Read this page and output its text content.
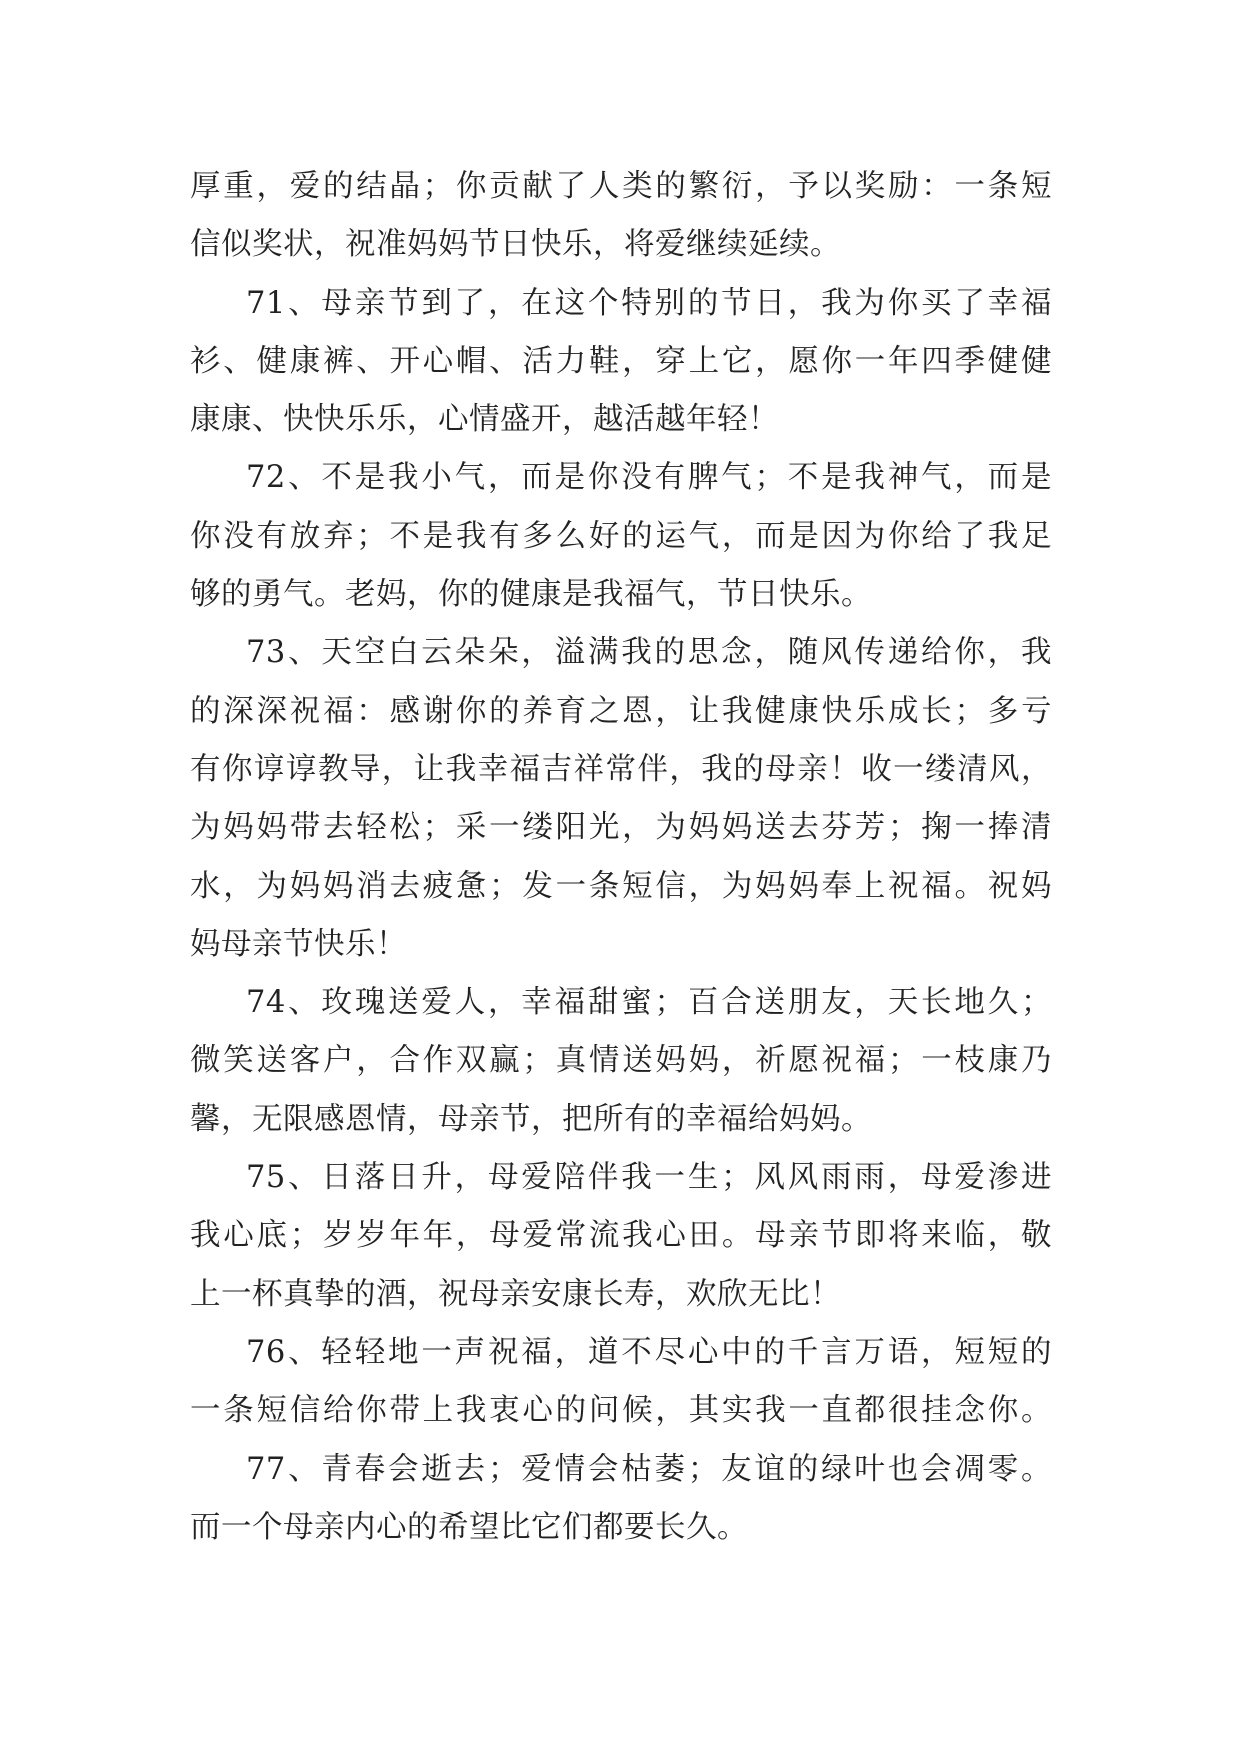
厚重，爱的结晶；你贡献了人类的繁衍，予以奖励：一条短
信似奖状，祝准妈妈节日快乐，将爱继续延续。
71、母亲节到了，在这个特别的节日，我为你买了幸福
衫、健康裤、开心帽、活力鞋，穿上它，愿你一年四季健健
康康、快快乐乐，心情盛开，越活越年轻！
72、不是我小气，而是你没有脾气；不是我神气，而是
你没有放弃；不是我有多么好的运气，而是因为你给了我足
够的勇气。老妈，你的健康是我福气，节日快乐。
73、天空白云朵朵，溢满我的思念，随风传递给你，我
的深深祝福：感谢你的养育之恩，让我健康快乐成长；多亏
有你谆谆教导，让我幸福吉祥常伴，我的母亲！收一缕清风，
为妈妈带去轻松；采一缕阳光，为妈妈送去芬芳；掬一捧清
水，为妈妈消去疲惫；发一条短信，为妈妈奉上祝福。祝妈
妈母亲节快乐！
74、玫瑰送爱人，幸福甜蜜；百合送朋友，天长地久；
微笑送客户，合作双赢；真情送妈妈，祈愿祝福；一枝康乃
馨，无限感恩情，母亲节，把所有的幸福给妈妈。
75、日落日升，母爱陪伴我一生；风风雨雨，母爱渗进
我心底；岁岁年年，母爱常流我心田。母亲节即将来临，敬
上一杯真挚的酒，祝母亲安康长寿，欢欣无比！
76、轻轻地一声祝福，道不尽心中的千言万语，短短的
一条短信给你带上我衷心的问候，其实我一直都很挂念你。
77、青春会逝去；爱情会枯萎；友谊的绿叶也会凋零。
而一个母亲内心的希望比它们都要长久。
